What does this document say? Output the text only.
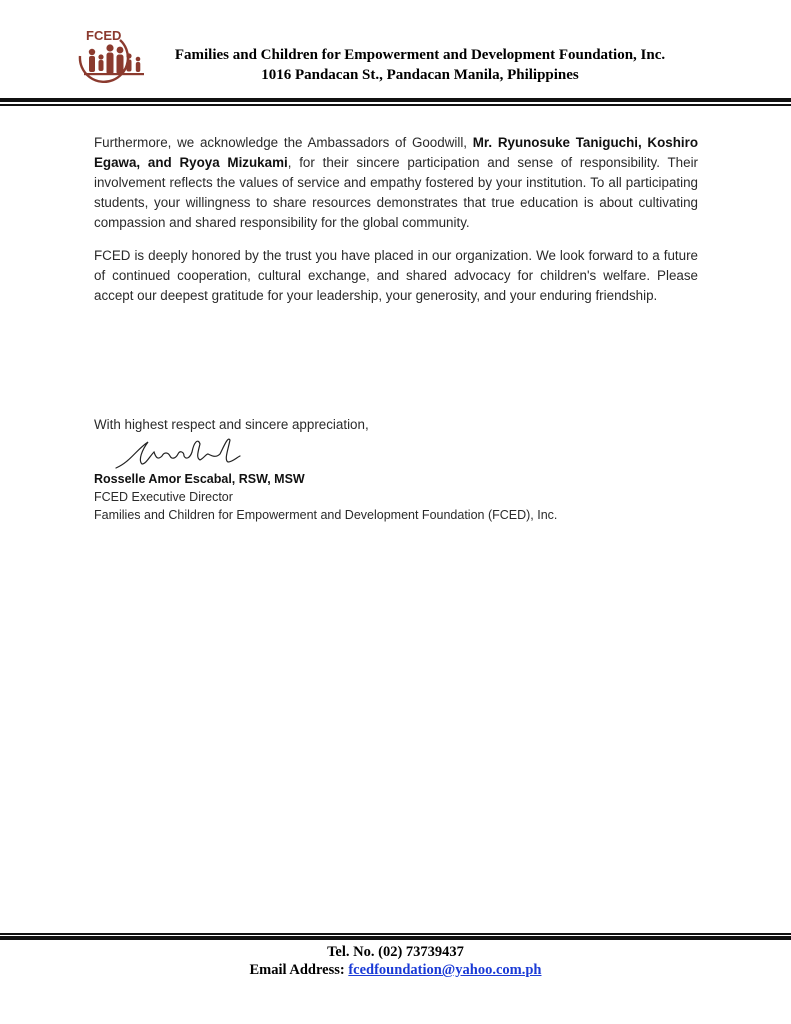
FCED
Families and Children for Empowerment and Development Foundation, Inc.
1016 Pandacan St., Pandacan Manila, Philippines
Furthermore, we acknowledge the Ambassadors of Goodwill, Mr. Ryunosuke Taniguchi, Koshiro Egawa, and Ryoya Mizukami, for their sincere participation and sense of responsibility. Their involvement reflects the values of service and empathy fostered by your institution. To all participating students, your willingness to share resources demonstrates that true education is about cultivating compassion and shared responsibility for the global community.
FCED is deeply honored by the trust you have placed in our organization. We look forward to a future of continued cooperation, cultural exchange, and shared advocacy for children's welfare. Please accept our deepest gratitude for your leadership, your generosity, and your enduring friendship.
With highest respect and sincere appreciation,
Rosselle Amor Escabal, RSW, MSW
FCED Executive Director
Families and Children for Empowerment and Development Foundation (FCED), Inc.
Tel. No. (02) 73739437
Email Address: fcedfoundation@yahoo.com.ph
